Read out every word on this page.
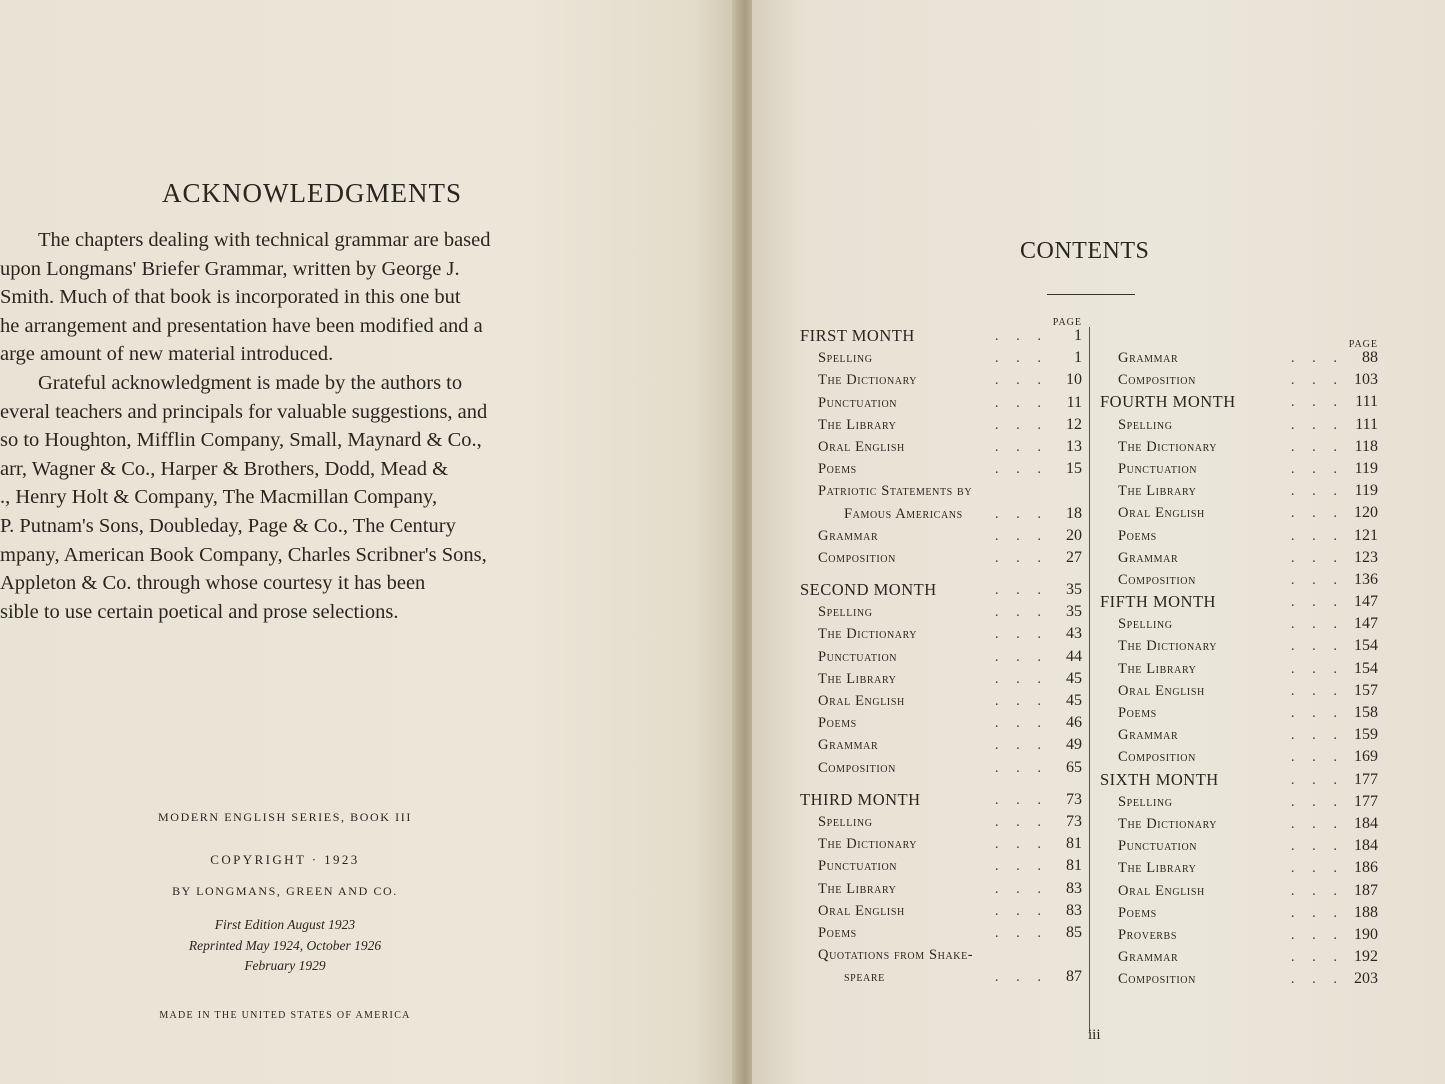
ACKNOWLEDGMENTS
The chapters dealing with technical grammar are based
upon Longmans' Briefer Grammar, written by George J.
Smith. Much of that book is incorporated in this one but
he arrangement and presentation have been modified and a
arge amount of new material introduced.
Grateful acknowledgment is made by the authors to
everal teachers and principals for valuable suggestions, and
so to Houghton, Mifflin Company, Small, Maynard & Co.,
arr, Wagner & Co., Harper & Brothers, Dodd, Mead &
., Henry Holt & Company, The Macmillan Company,
P. Putnam's Sons, Doubleday, Page & Co., The Century
mpany, American Book Company, Charles Scribner's Sons,
Appleton & Co. through whose courtesy it has been
sible to use certain poetical and prose selections.
MODERN ENGLISH SERIES, BOOK III
COPYRIGHT · 1923
BY LONGMANS, GREEN AND CO.
First Edition August 1923
Reprinted May 1924, October 1926
February 1929
MADE IN THE UNITED STATES OF AMERICA
CONTENTS
PAGE
FIRST MONTH	. . . 1
Spelling	. . . 1
The Dictionary	. . . 10
Punctuation	. . . 11
The Library	. . . 12
Oral English	. . . 13
Poems	. . . 15
Patriotic Statements by
Famous Americans . . . 18
Grammar	. . . 20
Composition	. . . 27
SECOND MONTH	. . . 35
Spelling	. . . 35
The Dictionary	. . . 43
Punctuation	. . . 44
The Library	. . . 45
Oral English	. . . 45
Poems	. . . 46
Grammar	. . . 49
Composition	. . . 65
THIRD MONTH	. . . 73
Spelling	. . . 73
The Dictionary	. . . 81
Punctuation	. . . 81
The Library	. . . 83
Oral English	. . . 83
Poems	. . . 85
Quotations from Shake-
speare	. . . 87
PAGE
Grammar	. . . 88
Composition	. . . 103
FOURTH MONTH	. . . 111
Spelling	. . . 111
The Dictionary	. . . 118
Punctuation	. . . 119
The Library	. . . 119
Oral English	. . . 120
Poems	. . . 121
Grammar	. . . 123
Composition	. . . 136
FIFTH MONTH	. . . 147
Spelling	. . . 147
The Dictionary	. . . 154
The Library	. . . 154
Oral English	. . . 157
Poems	. . . 158
Grammar	. . . 159
Composition	. . . 169
SIXTH MONTH	. . . 177
Spelling	. . . 177
The Dictionary	. . . 184
Punctuation	. . . 184
The Library	. . . 186
Oral English	. . . 187
Poems	. . . 188
Proverbs	. . . 190
Grammar	. . . 192
Composition	. . . 203
iii
